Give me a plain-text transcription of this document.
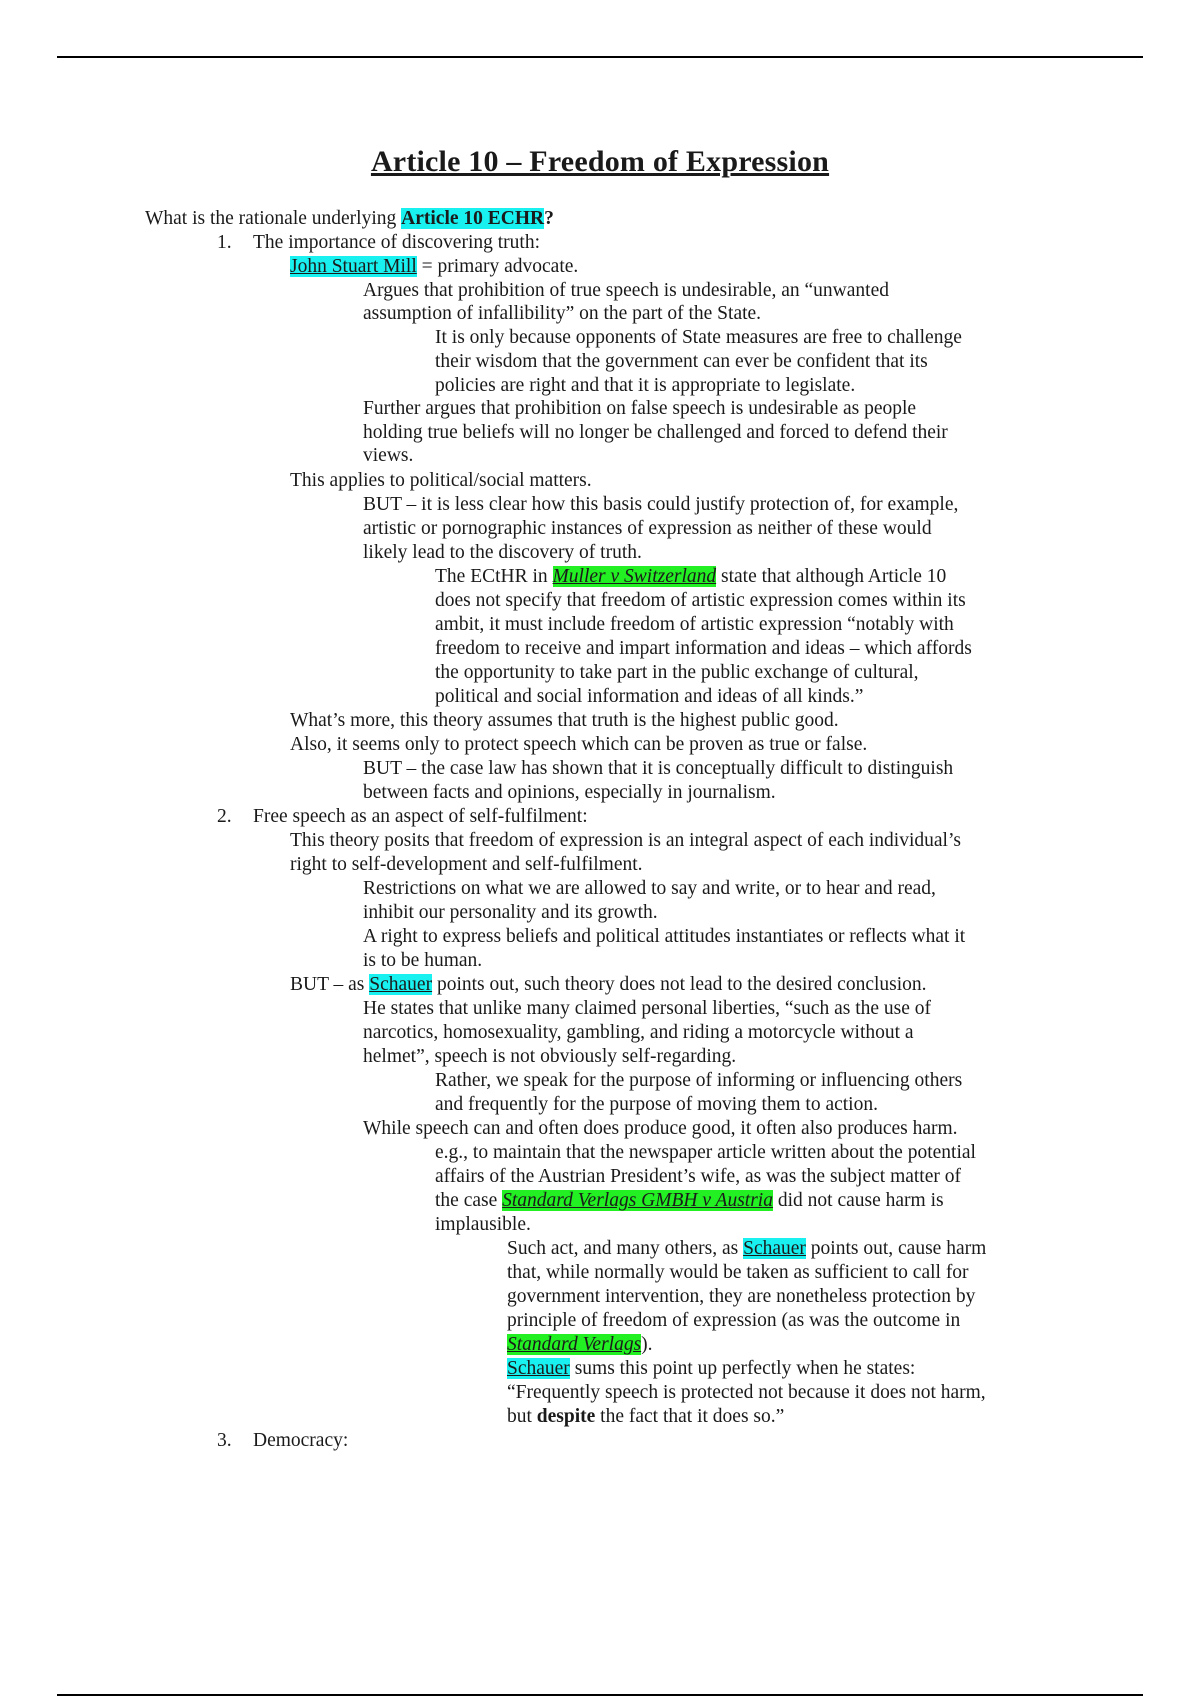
Article 10 – Freedom of Expression
What is the rationale underlying Article 10 ECHR?
1. The importance of discovering truth:
John Stuart Mill = primary advocate.
Argues that prohibition of true speech is undesirable, an “unwanted
assumption of infallibility” on the part of the State.
It is only because opponents of State measures are free to challenge
their wisdom that the government can ever be confident that its
policies are right and that it is appropriate to legislate.
Further argues that prohibition on false speech is undesirable as people
holding true beliefs will no longer be challenged and forced to defend their
views.
This applies to political/social matters.
BUT – it is less clear how this basis could justify protection of, for example,
artistic or pornographic instances of expression as neither of these would
likely lead to the discovery of truth.
The ECtHR in Muller v Switzerland state that although Article 10
does not specify that freedom of artistic expression comes within its
ambit, it must include freedom of artistic expression “notably with
freedom to receive and impart information and ideas – which affords
the opportunity to take part in the public exchange of cultural,
political and social information and ideas of all kinds.”
What’s more, this theory assumes that truth is the highest public good.
Also, it seems only to protect speech which can be proven as true or false.
BUT – the case law has shown that it is conceptually difficult to distinguish
between facts and opinions, especially in journalism.
2. Free speech as an aspect of self-fulfilment:
This theory posits that freedom of expression is an integral aspect of each individual’s
right to self-development and self-fulfilment.
Restrictions on what we are allowed to say and write, or to hear and read,
inhibit our personality and its growth.
A right to express beliefs and political attitudes instantiates or reflects what it
is to be human.
BUT – as Schauer points out, such theory does not lead to the desired conclusion.
He states that unlike many claimed personal liberties, “such as the use of
narcotics, homosexuality, gambling, and riding a motorcycle without a
helmet”, speech is not obviously self-regarding.
Rather, we speak for the purpose of informing or influencing others
and frequently for the purpose of moving them to action.
While speech can and often does produce good, it often also produces harm.
e.g., to maintain that the newspaper article written about the potential
affairs of the Austrian President’s wife, as was the subject matter of
the case Standard Verlags GMBH v Austria did not cause harm is
implausible.
Such act, and many others, as Schauer points out, cause harm
that, while normally would be taken as sufficient to call for
government intervention, they are nonetheless protection by
principle of freedom of expression (as was the outcome in
Standard Verlags).
Schauer sums this point up perfectly when he states:
“Frequently speech is protected not because it does not harm,
but despite the fact that it does so.”
3. Democracy:
